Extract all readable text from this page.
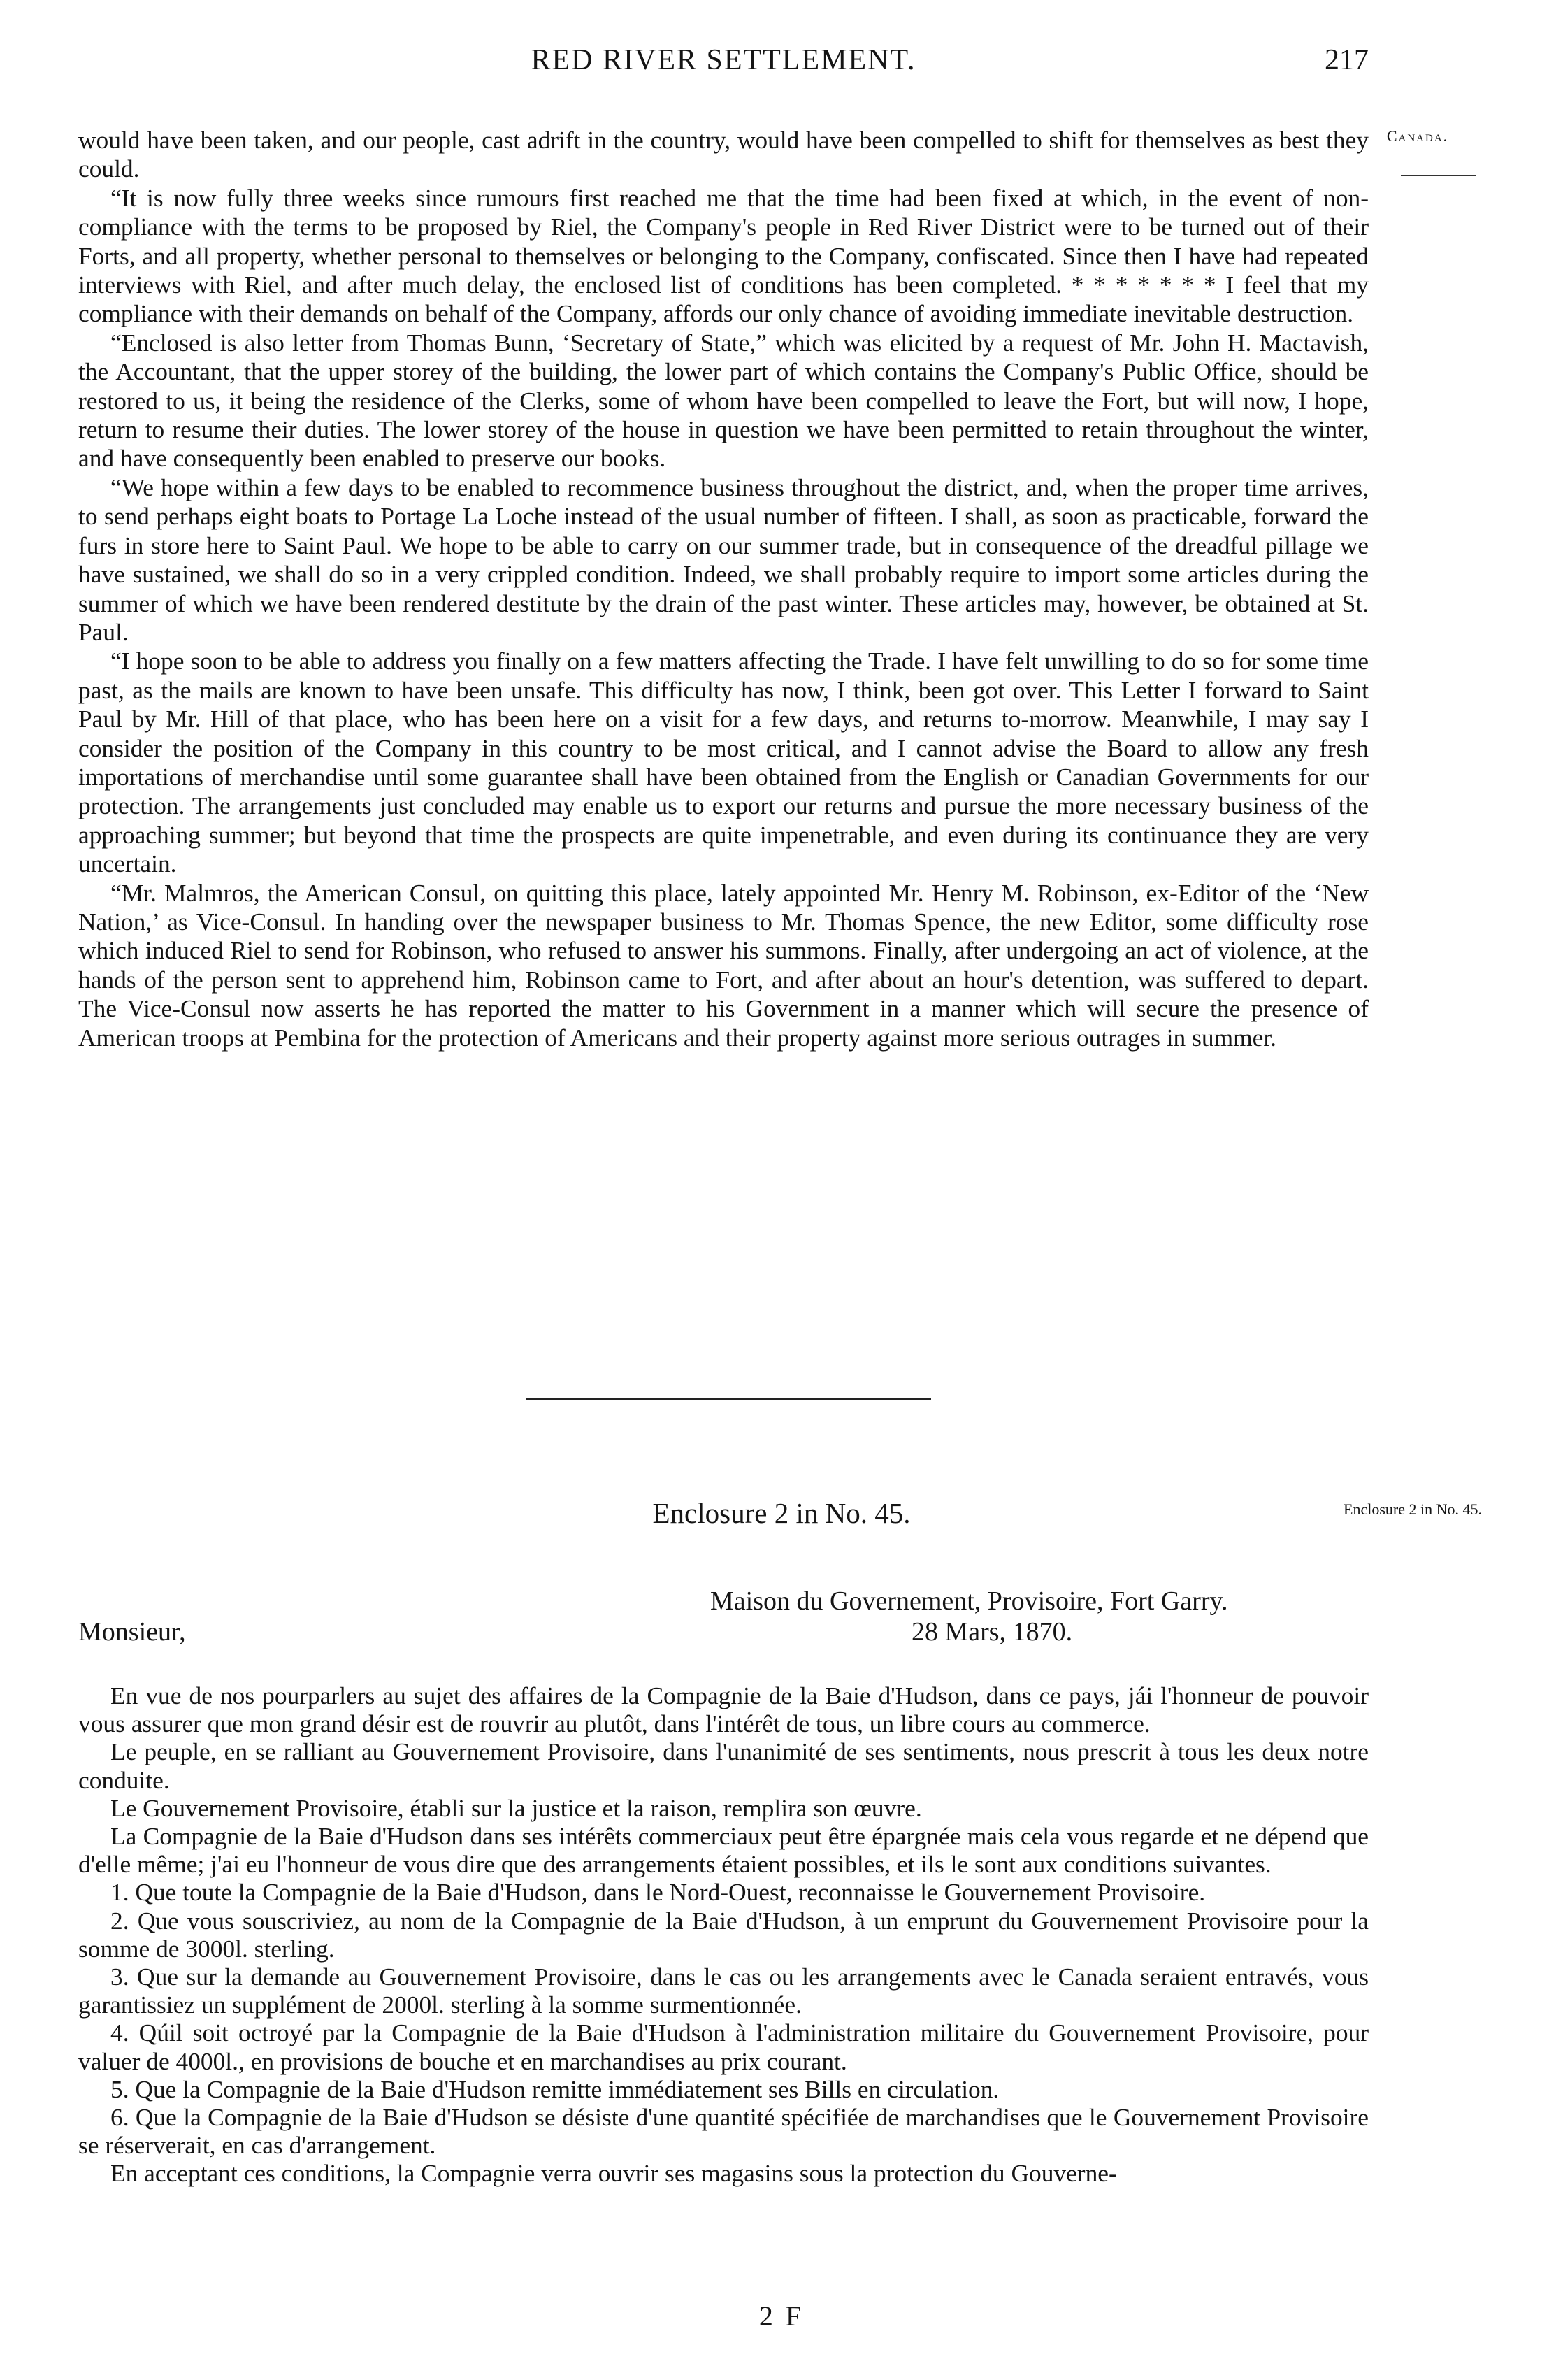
RED RIVER SETTLEMENT.	217
Canada.

would have been taken, and our people, cast adrift in the country, would have been compelled to shift for themselves as best they could.

“It is now fully three weeks since rumours first reached me that the time had been fixed at which, in the event of non-compliance with the terms to be proposed by Riel, the Company's people in Red River District were to be turned out of their Forts, and all property, whether personal to themselves or belonging to the Company, confiscated. Since then I have had repeated interviews with Riel, and after much delay, the enclosed list of conditions has been completed. * * * * * * * I feel that my compliance with their demands on behalf of the Company, affords our only chance of avoiding immediate inevitable destruction.

“Enclosed is also letter from Thomas Bunn, ‘Secretary of State,” which was elicited by a request of Mr. John H. Mactavish, the Accountant, that the upper storey of the building, the lower part of which contains the Company's Public Office, should be restored to us, it being the residence of the Clerks, some of whom have been compelled to leave the Fort, but will now, I hope, return to resume their duties. The lower storey of the house in question we have been permitted to retain throughout the winter, and have consequently been enabled to preserve our books.

“We hope within a few days to be enabled to recommence business throughout the district, and, when the proper time arrives, to send perhaps eight boats to Portage La Loche instead of the usual number of fifteen. I shall, as soon as practicable, forward the furs in store here to Saint Paul. We hope to be able to carry on our summer trade, but in consequence of the dreadful pillage we have sustained, we shall do so in a very crippled condition. Indeed, we shall probably require to import some articles during the summer of which we have been rendered destitute by the drain of the past winter. These articles may, however, be obtained at St. Paul.

“I hope soon to be able to address you finally on a few matters affecting the Trade. I have felt unwilling to do so for some time past, as the mails are known to have been unsafe. This difficulty has now, I think, been got over. This Letter I forward to Saint Paul by Mr. Hill of that place, who has been here on a visit for a few days, and returns to-morrow. Meanwhile, I may say I consider the position of the Company in this country to be most critical, and I cannot advise the Board to allow any fresh importations of merchandise until some guarantee shall have been obtained from the English or Canadian Governments for our protection. The arrangements just concluded may enable us to export our returns and pursue the more necessary business of the approaching summer; but beyond that time the prospects are quite impenetrable, and even during its continuance they are very uncertain.

“Mr. Malmros, the American Consul, on quitting this place, lately appointed Mr. Henry M. Robinson, ex-Editor of the ‘New Nation,’ as Vice-Consul. In handing over the newspaper business to Mr. Thomas Spence, the new Editor, some difficulty rose which induced Riel to send for Robinson, who refused to answer his summons. Finally, after undergoing an act of violence, at the hands of the person sent to apprehend him, Robinson came to Fort, and after about an hour's detention, was suffered to depart. The Vice-Consul now asserts he has reported the matter to his Government in a manner which will secure the presence of American troops at Pembina for the protection of Americans and their property against more serious outrages in summer.

Enclosure 2 in No. 45.	Enclosure 2 in No. 45.
Maison du Governement, Provisoire, Fort Garry.
Monsieur,	28 Mars, 1870.

En vue de nos pourparlers au sujet des affaires de la Compagnie de la Baie d'Hudson, dans ce pays, jái l'honneur de pouvoir vous assurer que mon grand désir est de rouvrir au plutôt, dans l'intérêt de tous, un libre cours au commerce.

Le peuple, en se ralliant au Gouvernement Provisoire, dans l'unanimité de ses sentiments, nous prescrit à tous les deux notre conduite.

Le Gouvernement Provisoire, établi sur la justice et la raison, remplira son œuvre.

La Compagnie de la Baie d'Hudson dans ses intérêts commerciaux peut être épargnée mais cela vous regarde et ne dépend que d'elle même; j'ai eu l'honneur de vous dire que des arrangements étaient possibles, et ils le sont aux conditions suivantes.

1. Que toute la Compagnie de la Baie d'Hudson, dans le Nord-Ouest, reconnaisse le Gouvernement Provisoire.

2. Que vous souscriviez, au nom de la Compagnie de la Baie d'Hudson, à un emprunt du Gouvernement Provisoire pour la somme de 3000l. sterling.

3. Que sur la demande au Gouvernement Provisoire, dans le cas ou les arrangements avec le Canada seraient entravés, vous garantissiez un supplément de 2000l. sterling à la somme surmentionnée.

4. Qúil soit octroyé par la Compagnie de la Baie d'Hudson à l'administration militaire du Gouvernement Provisoire, pour valuer de 4000l., en provisions de bouche et en marchandises au prix courant.

5. Que la Compagnie de la Baie d'Hudson remitte immédiatement ses Bills en circulation.

6. Que la Compagnie de la Baie d'Hudson se désiste d'une quantité spécifiée de marchandises que le Gouvernement Provisoire se réserverait, en cas d'arrangement.

En acceptant ces conditions, la Compagnie verra ouvrir ses magasins sous la protection du Gouverne-

2 F
